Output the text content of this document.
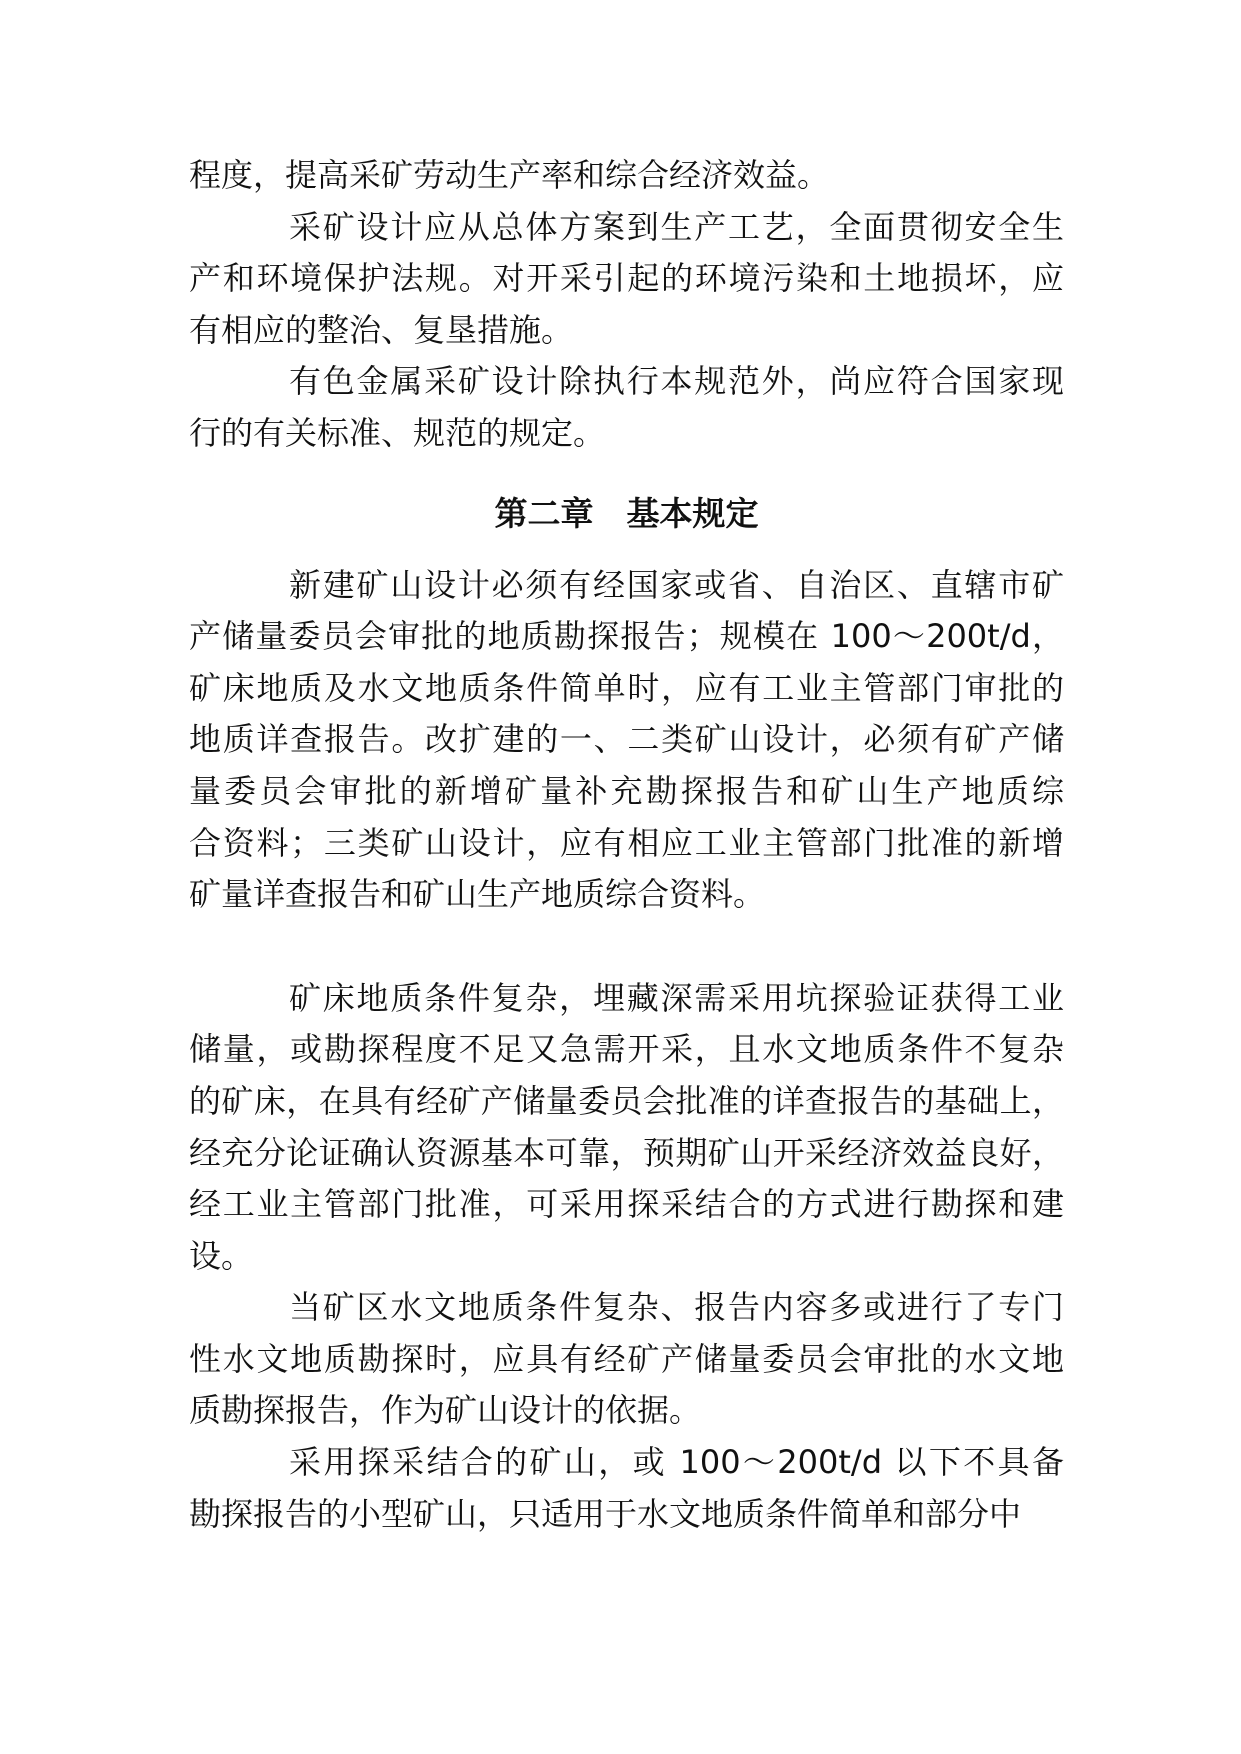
程度，提高采矿劳动生产率和综合经济效益。
采矿设计应从总体方案到生产工艺，全面贯彻安全生
产和环境保护法规。对开采引起的环境污染和土地损坏，应
有相应的整治、复垦措施。
有色金属采矿设计除执行本规范外，尚应符合国家现
行的有关标准、规范的规定。
第二章　基本规定
新建矿山设计必须有经国家或省、自治区、直辖市矿
产储量委员会审批的地质勘探报告；规模在 100～200t/d，
矿床地质及水文地质条件简单时，应有工业主管部门审批的
地质详查报告。改扩建的一、二类矿山设计，必须有矿产储
量委员会审批的新增矿量补充勘探报告和矿山生产地质综
合资料；三类矿山设计，应有相应工业主管部门批准的新增
矿量详查报告和矿山生产地质综合资料。
矿床地质条件复杂，埋藏深需采用坑探验证获得工业
储量，或勘探程度不足又急需开采，且水文地质条件不复杂
的矿床，在具有经矿产储量委员会批准的详查报告的基础上，
经充分论证确认资源基本可靠，预期矿山开采经济效益良好，
经工业主管部门批准，可采用探采结合的方式进行勘探和建
设。
当矿区水文地质条件复杂、报告内容多或进行了专门
性水文地质勘探时，应具有经矿产储量委员会审批的水文地
质勘探报告，作为矿山设计的依据。
采用探采结合的矿山，或 100～200t/d 以下不具备
勘探报告的小型矿山，只适用于水文地质条件简单和部分中
